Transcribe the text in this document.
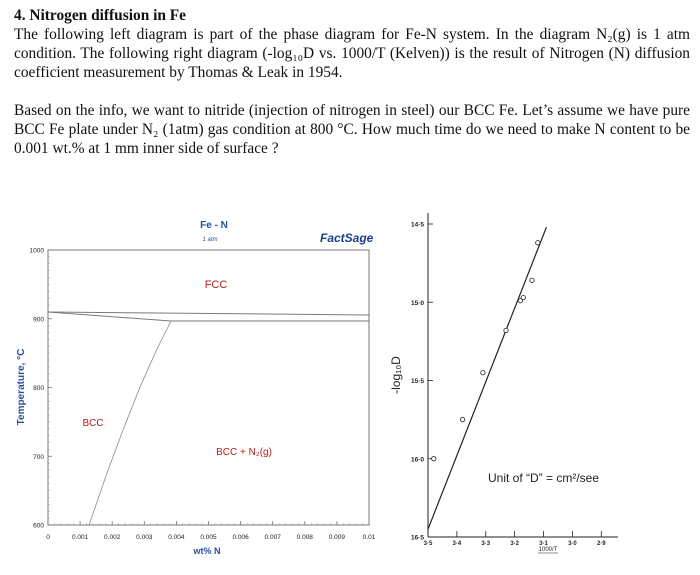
4. Nitrogen diffusion in Fe

The following left diagram is part of the phase diagram for Fe-N system. In the diagram N₂(g) is 1 atm condition. The following right diagram (-log₁₀D vs. 1000/T (Kelven)) is the result of Nitrogen (N) diffusion coefficient measurement by Thomas & Leak in 1954.

Based on the info, we want to nitride (injection of nitrogen in steel) our BCC Fe. Let’s assume we have pure BCC Fe plate under N₂ (1atm) gas condition at 800 °C. How much time do we need to make N content to be 0.001 wt.% at 1 mm inner side of surface ?

Fe - N
1 atm	FactSage
0	0.001 0.002 0.003 0.004 0.005 0.006 0.007 0.008 0.009	0.01
600
700
800
900
1000
FCC
BCC
BCC + N₂(g)
wt% N
Temperature, °C
14·5
15·0
15·5
16·0
16·5
3·5	3·4	3·3	3·2	3·1	3·0	2·9
-log₁₀D
1000/T
Unit of “D” = cm²/see
